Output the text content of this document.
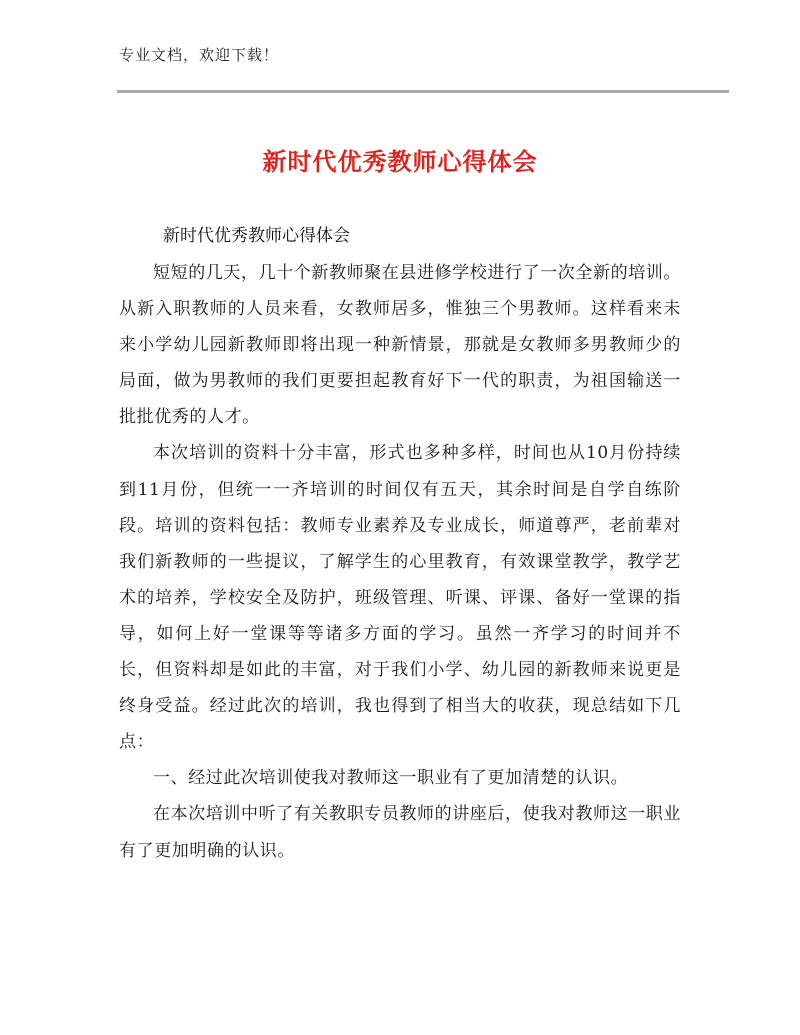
专业文档，欢迎下载！
新时代优秀教师心得体会
新时代优秀教师心得体会

短短的几天，几十个新教师聚在县进修学校进行了一次全新的培训。从新入职教师的人员来看，女教师居多，惟独三个男教师。这样看来未来小学幼儿园新教师即将出现一种新情景，那就是女教师多男教师少的局面，做为男教师的我们更要担起教育好下一代的职责，为祖国输送一批批优秀的人才。

本次培训的资料十分丰富，形式也多种多样，时间也从10月份持续到11月份，但统一一齐培训的时间仅有五天，其余时间是自学自练阶段。培训的资料包括：教师专业素养及专业成长，师道尊严，老前辈对我们新教师的一些提议，了解学生的心里教育，有效课堂教学，教学艺术的培养，学校安全及防护，班级管理、听课、评课、备好一堂课的指导，如何上好一堂课等等诸多方面的学习。虽然一齐学习的时间并不长，但资料却是如此的丰富，对于我们小学、幼儿园的新教师来说更是终身受益。经过此次的培训，我也得到了相当大的收获，现总结如下几点：

一、经过此次培训使我对教师这一职业有了更加清楚的认识。

在本次培训中听了有关教职专员教师的讲座后，使我对教师这一职业有了更加明确的认识。
